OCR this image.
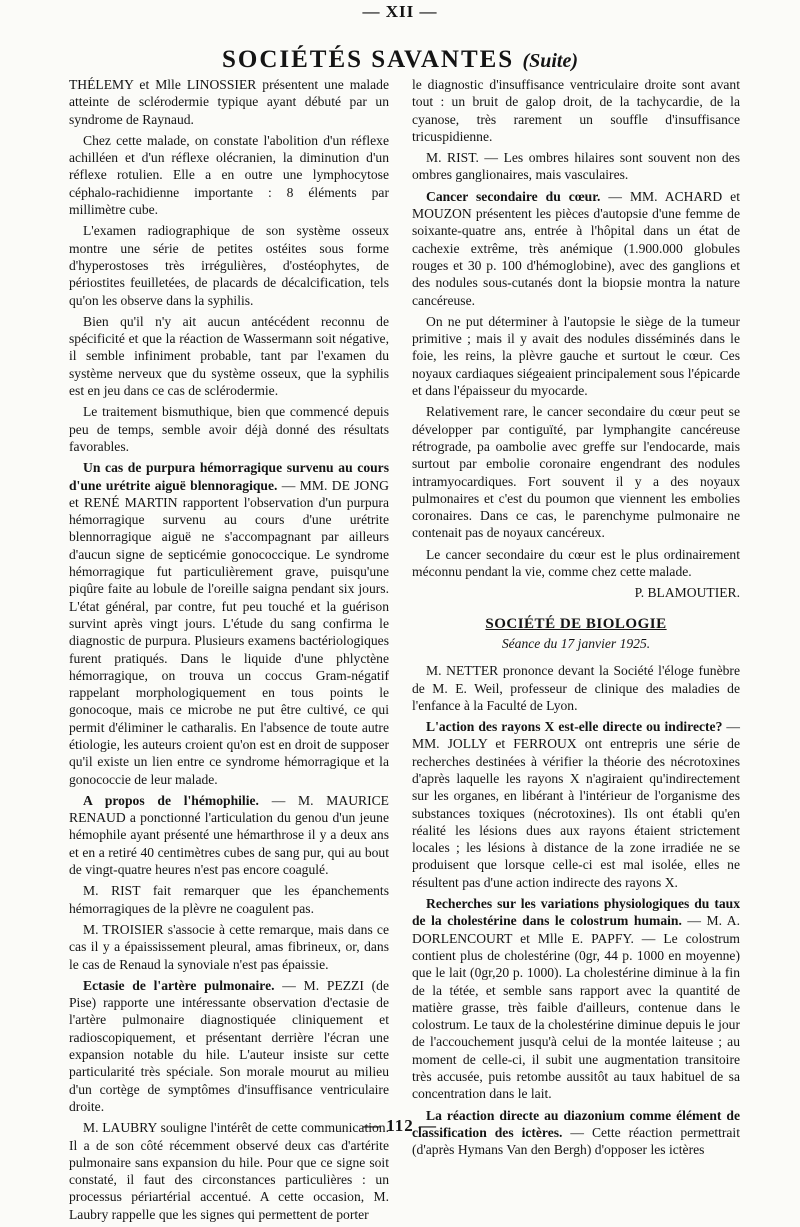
— XII —
SOCIÉTÉS SAVANTES (Suite)

THÉLEMY et Mlle LINOSSIER présentent une malade atteinte de sclérodermie typique ayant débuté par un syndrome de Raynaud.

Chez cette malade, on constate l'abolition d'un réflexe achilléen et d'un réflexe olécranien, la diminution d'un réflexe rotulien. Elle a en outre une lymphocytose céphalo-rachidienne importante : 8 éléments par millimètre cube.

L'examen radiographique de son système osseux montre une série de petites ostéites sous forme d'hyperostoses très irrégulières, d'ostéophytes, de périostites feuilletées, de placards de décalcification, tels qu'on les observe dans la syphilis.

Bien qu'il n'y ait aucun antécédent reconnu de spécificité et que la réaction de Wassermann soit négative, il semble infiniment probable, tant par l'examen du système nerveux que du système osseux, que la syphilis est en jeu dans ce cas de sclérodermie.

Le traitement bismuthique, bien que commencé depuis peu de temps, semble avoir déjà donné des résultats favorables.

Un cas de purpura hémorragique survenu au cours d'une urétrite aiguë blennoragique. — MM. DE JONG et RENÉ MARTIN rapportent l'observation d'un purpura hémorragique survenu au cours d'une urétrite blennorragique aiguë ne s'accompagnant par ailleurs d'aucun signe de septicémie gonococcique. Le syndrome hémorragique fut particulièrement grave, puisqu'une piqûre faite au lobule de l'oreille saigna pendant six jours. L'état général, par contre, fut peu touché et la guérison survint après vingt jours. L'étude du sang confirma le diagnostic de purpura. Plusieurs examens bactériologiques furent pratiqués. Dans le liquide d'une phlyctène hémorragique, on trouva un coccus Gram-négatif rappelant morphologiquement en tous points le gonocoque, mais ce microbe ne put être cultivé, ce qui permit d'éliminer le catharalis. En l'absence de toute autre étiologie, les auteurs croient qu'on est en droit de supposer qu'il existe un lien entre ce syndrome hémorragique et la gonococcie de leur malade.

A propos de l'hémophilie. — M. MAURICE RENAUD a ponctionné l'articulation du genou d'un jeune hémophile ayant présenté une hémarthrose il y a deux ans et en a retiré 40 centimètres cubes de sang pur, qui au bout de vingt-quatre heures n'est pas encore coagulé.

M. RIST fait remarquer que les épanchements hémorragiques de la plèvre ne coagulent pas.

M. TROISIER s'associe à cette remarque, mais dans ce cas il y a épaississement pleural, amas fibrineux, or, dans le cas de Renaud la synoviale n'est pas épaissie.

Ectasie de l'artère pulmonaire. — M. PEZZI (de Pise) rapporte une intéressante observation d'ectasie de l'artère pulmonaire diagnostiquée cliniquement et radioscopiquement, et présentant derrière l'écran une expansion notable du hile. L'auteur insiste sur cette particularité très spéciale. Son morale mourut au milieu d'un cortège de symptômes d'insuffisance ventriculaire droite.

M. LAUBRY souligne l'intérêt de cette communication. Il a de son côté récemment observé deux cas d'artérite pulmonaire sans expansion du hile. Pour que ce signe soit constaté, il faut des circonstances particulières : un processus périartérial accentué. A cette occasion, M. Laubry rappelle que les signes qui permettent de porter

le diagnostic d'insuffisance ventriculaire droite sont avant tout : un bruit de galop droit, de la tachycardie, de la cyanose, très rarement un souffle d'insuffisance tricuspidienne.

M. RIST. — Les ombres hilaires sont souvent non des ombres ganglionaires, mais vasculaires.

Cancer secondaire du cœur. — MM. ACHARD et MOUZON présentent les pièces d'autopsie d'une femme de soixante-quatre ans, entrée à l'hôpital dans un état de cachexie extrême, très anémique (1.900.000 globules rouges et 30 p. 100 d'hémoglobine), avec des ganglions et des nodules sous-cutanés dont la biopsie montra la nature cancéreuse.

On ne put déterminer à l'autopsie le siège de la tumeur primitive ; mais il y avait des nodules disséminés dans le foie, les reins, la plèvre gauche et surtout le cœur. Ces noyaux cardiaques siégeaient principalement sous l'épicarde et dans l'épaisseur du myocarde.

Relativement rare, le cancer secondaire du cœur peut se développer par contiguïté, par lymphangite cancéreuse rétrograde, pa oambolie avec greffe sur l'endocarde, mais surtout par embolie coronaire engendrant des nodules intramyocardiques. Fort souvent il y a des noyaux pulmonaires et c'est du poumon que viennent les embolies coronaires. Dans ce cas, le parenchyme pulmonaire ne contenait pas de noyaux cancéreux.

Le cancer secondaire du cœur est le plus ordinairement méconnu pendant la vie, comme chez cette malade.

P. BLAMOUTIER.
SOCIÉTÉ DE BIOLOGIE
Séance du 17 janvier 1925.

M. NETTER prononce devant la Société l'éloge funèbre de M. E. Weil, professeur de clinique des maladies de l'enfance à la Faculté de Lyon.

L'action des rayons X est-elle directe ou indirecte? — MM. JOLLY et FERROUX ont entrepris une série de recherches destinées à vérifier la théorie des nécrotoxines d'après laquelle les rayons X n'agiraient qu'indirectement sur les organes, en libérant à l'intérieur de l'organisme des substances toxiques (nécrotoxines). Ils ont établi qu'en réalité les lésions dues aux rayons étaient strictement locales ; les lésions à distance de la zone irradiée ne se produisent que lorsque celle-ci est mal isolée, elles ne résultent pas d'une action indirecte des rayons X.

Recherches sur les variations physiologiques du taux de la cholestérine dans le colostrum humain. — M. A. DORLENCOURT et Mlle E. PAPFY. — Le colostrum contient plus de cholestérine (0gr, 44 p. 1000 en moyenne) que le lait (0gr,20 p. 1000). La cholestérine diminue à la fin de la tétée, et semble sans rapport avec la quantité de matière grasse, très faible d'ailleurs, contenue dans le colostrum. Le taux de la cholestérine diminue depuis le jour de l'accouchement jusqu'à celui de la montée laiteuse ; au moment de celle-ci, il subit une augmentation transitoire très accusée, puis retombe aussitôt au taux habituel de sa concentration dans le lait.

La réaction directe au diazonium comme élément de classification des ictères. — Cette réaction permettrait (d'après Hymans Van den Bergh) d'opposer les ictères

— 112 —
